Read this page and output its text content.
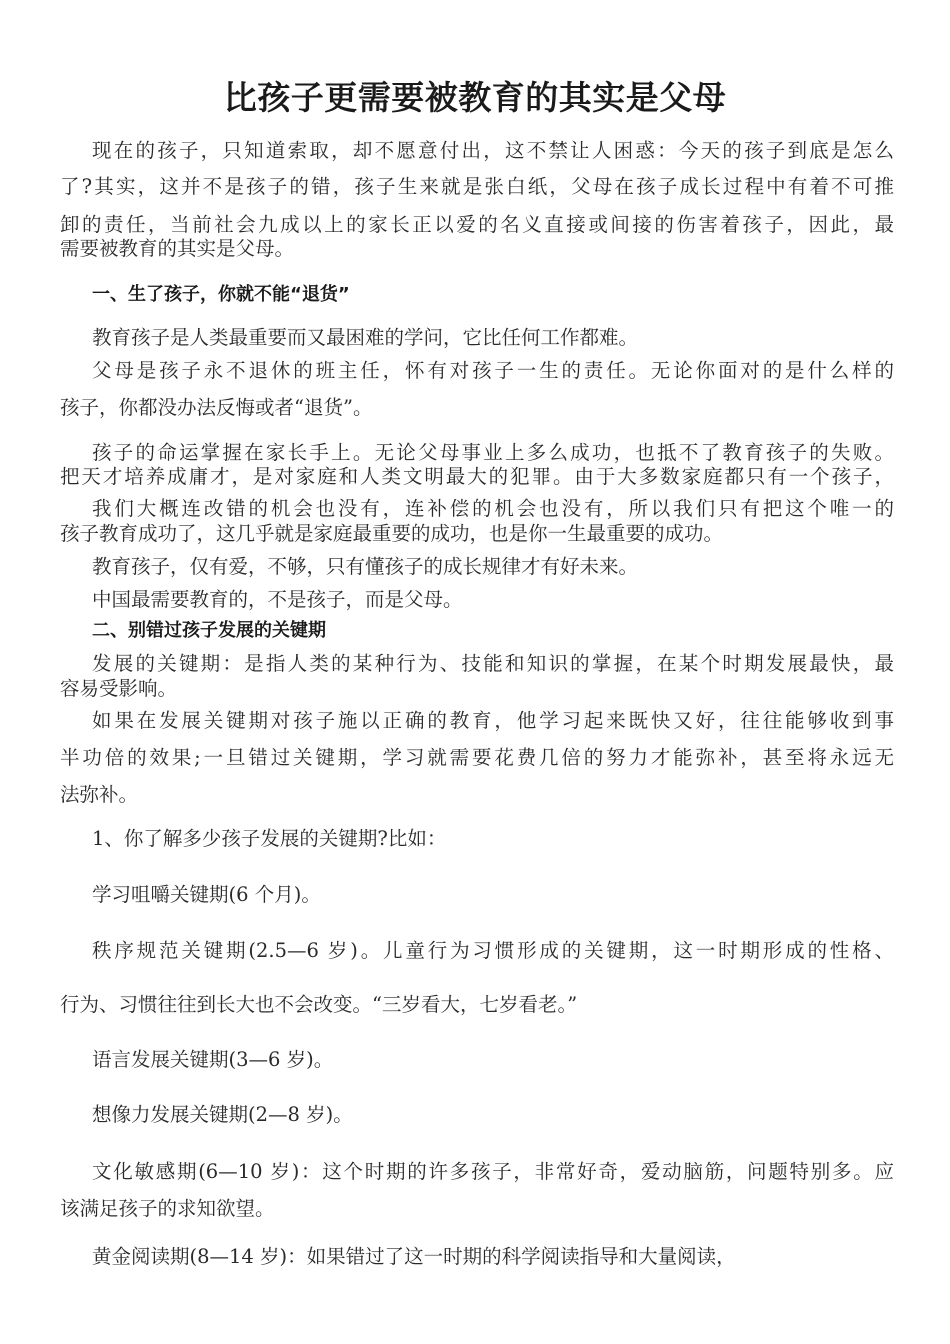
比孩子更需要被教育的其实是父母
现在的孩子，只知道索取，却不愿意付出，这不禁让人困惑：今天的孩子到底是怎么
了?其实，这并不是孩子的错，孩子生来就是张白纸，父母在孩子成长过程中有着不可推
卸的责任，当前社会九成以上的家长正以爱的名义直接或间接的伤害着孩子，因此，最
需要被教育的其实是父母。
一、生了孩子，你就不能“退货”
教育孩子是人类最重要而又最困难的学问，它比任何工作都难。
父母是孩子永不退休的班主任，怀有对孩子一生的责任。无论你面对的是什么样的
孩子，你都没办法反悔或者“退货”。
孩子的命运掌握在家长手上。无论父母事业上多么成功，也抵不了教育孩子的失败。
把天才培养成庸才，是对家庭和人类文明最大的犯罪。由于大多数家庭都只有一个孩子，
我们大概连改错的机会也没有，连补偿的机会也没有，所以我们只有把这个唯一的
孩子教育成功了，这几乎就是家庭最重要的成功，也是你一生最重要的成功。
教育孩子，仅有爱，不够，只有懂孩子的成长规律才有好未来。
中国最需要教育的，不是孩子，而是父母。
二、别错过孩子发展的关键期
发展的关键期：是指人类的某种行为、技能和知识的掌握，在某个时期发展最快，最
容易受影响。
如果在发展关键期对孩子施以正确的教育，他学习起来既快又好，往往能够收到事
半功倍的效果;一旦错过关键期，学习就需要花费几倍的努力才能弥补，甚至将永远无
法弥补。
1、你了解多少孩子发展的关键期?比如：
学习咀嚼关键期(6 个月)。
秩序规范关键期(2.5—6 岁)。儿童行为习惯形成的关键期，这一时期形成的性格、
行为、习惯往往到长大也不会改变。“三岁看大，七岁看老。”
语言发展关键期(3—6 岁)。
想像力发展关键期(2—8 岁)。
文化敏感期(6—10 岁)：这个时期的许多孩子，非常好奇，爱动脑筋，问题特别多。应
该满足孩子的求知欲望。
黄金阅读期(8—14 岁)：如果错过了这一时期的科学阅读指导和大量阅读，
